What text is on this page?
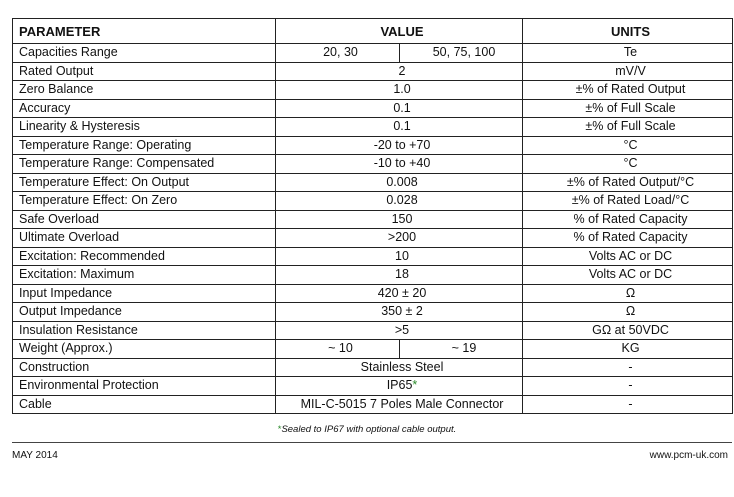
PARAMETER	VALUE		UNITS
Capacities Range	20, 30	50, 75, 100	Te
Rated Output	2		mV/V
Zero Balance	1.0		±% of Rated Output
Accuracy	0.1		±% of Full Scale
Linearity & Hysteresis	0.1		±% of Full Scale
Temperature Range: Operating	-20 to +70		°C
Temperature Range: Compensated	-10 to +40		°C
Temperature Effect: On Output	0.008		±% of Rated Output/°C
Temperature Effect: On Zero	0.028		±% of Rated Load/°C
Safe Overload	150		% of Rated Capacity
Ultimate Overload	>200		% of Rated Capacity
Excitation: Recommended	10		Volts AC or DC
Excitation: Maximum	18		Volts AC or DC
Input Impedance	420 ± 20		Ω
Output Impedance	350 ± 2		Ω
Insulation Resistance	>5		GΩ at 50VDC
Weight (Approx.)	~ 10	~ 19	KG
Construction	Stainless Steel		-
Environmental Protection	IP65*		-
Cable	MIL-C-5015 7 Poles Male Connector		-
*Sealed to IP67 with optional cable output.
MAY 2014	www.pcm-uk.com
